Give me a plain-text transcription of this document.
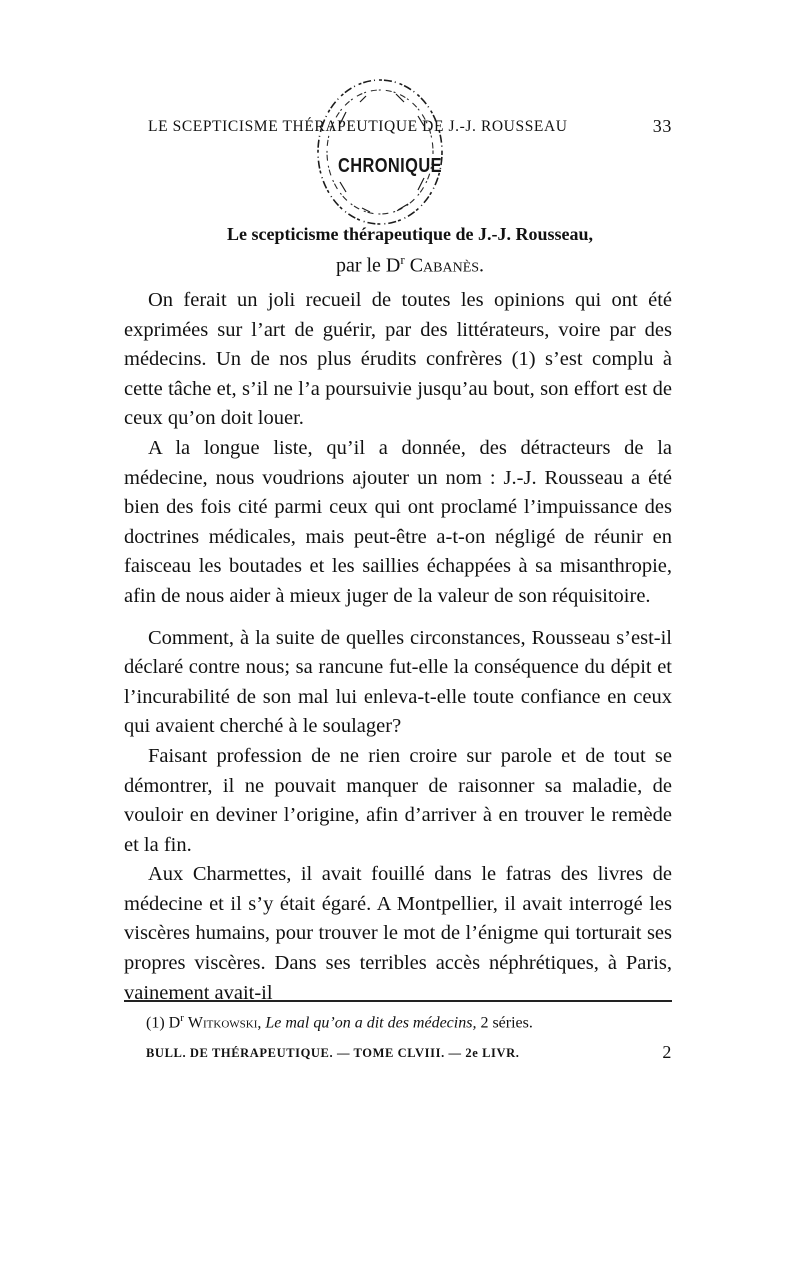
LE SCEPTICISME THÉRAPEUTIQUE DE J.-J. ROUSSEAU	33
CHRONIQUE
Le scepticisme thérapeutique de J.-J. Rousseau,
par le $D^r$ Cabanès.

On ferait un joli recueil de toutes les opinions qui ont été exprimées sur l’art de guérir, par des littérateurs, voire par des médecins. Un de nos plus érudits confrères (1) s’est complu à cette tâche et, s’il ne l’a poursuivie jusqu’au bout, son effort est de ceux qu’on doit louer.

A la longue liste, qu’il a donnée, des détracteurs de la médecine, nous voudrions ajouter un nom : J.-J. Rousseau a été bien des fois cité parmi ceux qui ont proclamé l’impuissance des doctrines médicales, mais peut-être a-t-on négligé de réunir en faisceau les boutades et les saillies échappées à sa misanthropie, afin de nous aider à mieux juger de la valeur de son réquisitoire.

Comment, à la suite de quelles circonstances, Rousseau s’est-il déclaré contre nous; sa rancune fut-elle la conséquence du dépit et l’incurabilité de son mal lui enleva-t-elle toute confiance en ceux qui avaient cherché à le soulager?

Faisant profession de ne rien croire sur parole et de tout se démontrer, il ne pouvait manquer de raisonner sa maladie, de vouloir en deviner l’origine, afin d’arriver à en trouver le remède et la fin.

Aux Charmettes, il avait fouillé dans le fatras des livres de médecine et il s’y était égaré. A Montpellier, il avait interrogé les viscères humains, pour trouver le mot de l’énigme qui torturait ses propres viscères. Dans ses terribles accès néphrétiques, à Paris, vainement avait-il

(1) $D^r$ Witkowski, Le mal qu’on a dit des médecins, 2 séries.
BULL. DE THÉRAPEUTIQUE. — TOME CLVIII. — 2e LIVR.	2
